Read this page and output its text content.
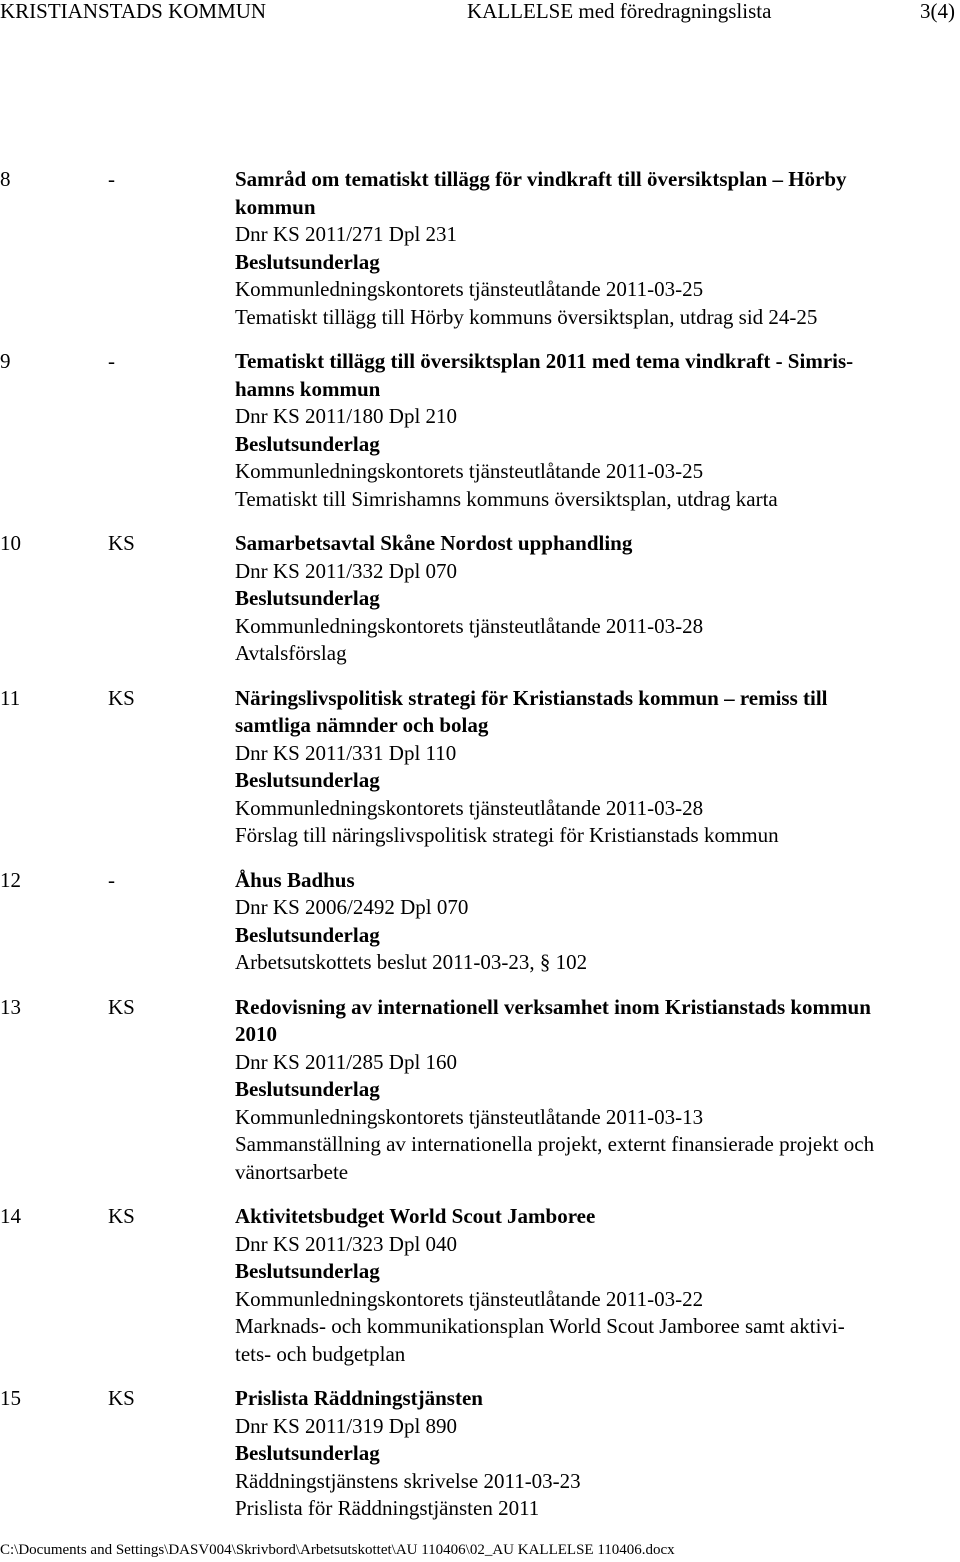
KRISTIANSTADS KOMMUN	KALLELSE med föredragningslista	3(4)
8	-	Samråd om tematiskt tillägg för vindkraft till översiktsplan – Hörby
kommun
Dnr KS 2011/271 Dpl 231
Beslutsunderlag
Kommunledningskontorets tjänsteutlåtande 2011-03-25
Tematiskt tillägg till Hörby kommuns översiktsplan, utdrag sid 24-25
9	-	Tematiskt tillägg till översiktsplan 2011 med tema vindkraft - Simris-
hamns kommun
Dnr KS 2011/180 Dpl 210
Beslutsunderlag
Kommunledningskontorets tjänsteutlåtande 2011-03-25
Tematiskt till Simrishamns kommuns översiktsplan, utdrag karta
10	KS	Samarbetsavtal Skåne Nordost upphandling
Dnr KS 2011/332 Dpl 070
Beslutsunderlag
Kommunledningskontorets tjänsteutlåtande 2011-03-28
Avtalsförslag
11	KS	Näringslivspolitisk strategi för Kristianstads kommun – remiss till
samtliga nämnder och bolag
Dnr KS 2011/331 Dpl 110
Beslutsunderlag
Kommunledningskontorets tjänsteutlåtande 2011-03-28
Förslag till näringslivspolitisk strategi för Kristianstads kommun
12	-	Åhus Badhus
Dnr KS 2006/2492 Dpl 070
Beslutsunderlag
Arbetsutskottets beslut 2011-03-23, § 102
13	KS	Redovisning av internationell verksamhet inom Kristianstads kommun
2010
Dnr KS 2011/285 Dpl 160
Beslutsunderlag
Kommunledningskontorets tjänsteutlåtande 2011-03-13
Sammanställning av internationella projekt, externt finansierade projekt och
vänortsarbete
14	KS	Aktivitetsbudget World Scout Jamboree
Dnr KS 2011/323 Dpl 040
Beslutsunderlag
Kommunledningskontorets tjänsteutlåtande 2011-03-22
Marknads- och kommunikationsplan World Scout Jamboree samt aktivi-
tets- och budgetplan
15	KS	Prislista Räddningstjänsten
Dnr KS 2011/319 Dpl 890
Beslutsunderlag
Räddningstjänstens skrivelse 2011-03-23
Prislista för Räddningstjänsten 2011
C:\Documents and Settings\DASV004\Skrivbord\Arbetsutskottet\AU 110406\02_AU KALLELSE 110406.docx
